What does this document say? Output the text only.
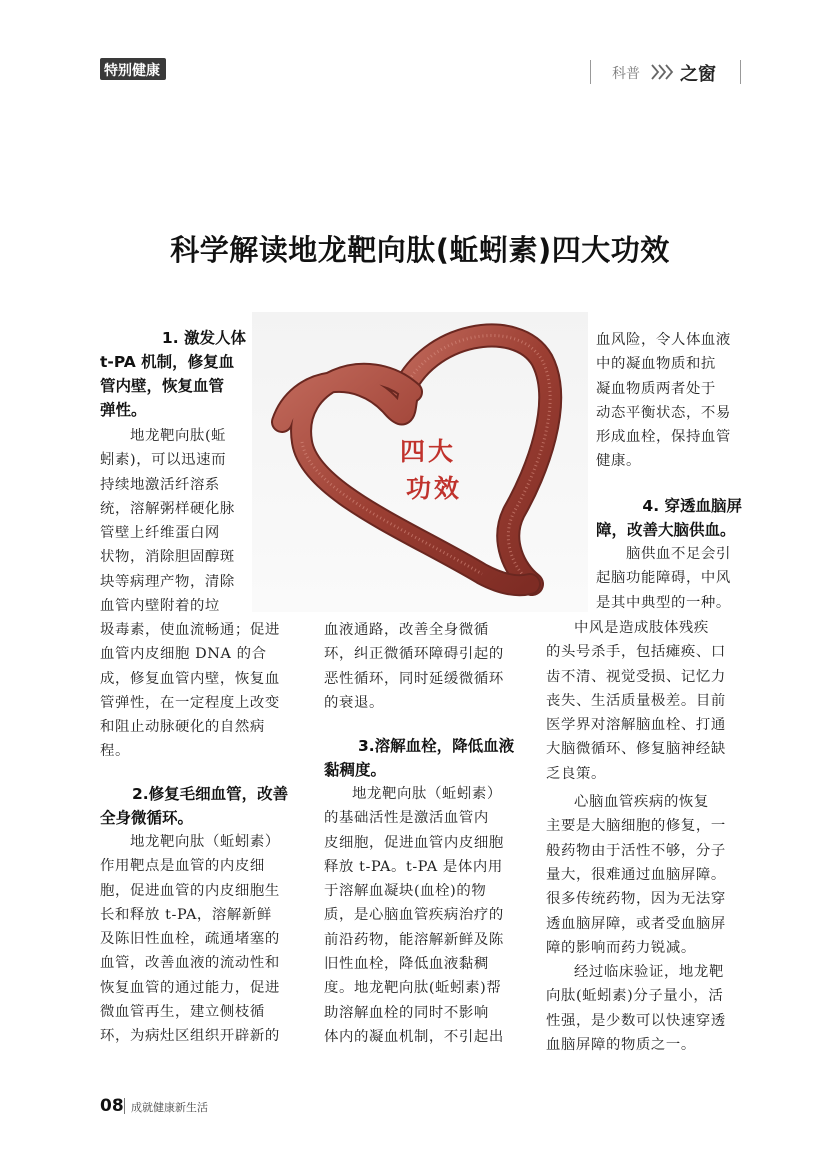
特别健康	科普 之窗
科学解读地龙靶向肽(蚯蚓素)四大功效
四大
功效
1. 激发人体
t-PA 机制，修复血
管内壁，恢复血管
弹性。
地龙靶向肽(蚯
蚓素)，可以迅速而
持续地激活纤溶系
统，溶解粥样硬化脉
管壁上纤维蛋白网
状物，消除胆固醇斑
块等病理产物，清除
血管内壁附着的垃
圾毒素，使血流畅通；促进
血管内皮细胞 DNA 的合
成，修复血管内壁，恢复血
管弹性，在一定程度上改变
和阻止动脉硬化的自然病
程。
2.修复毛细血管，改善
全身微循环。
地龙靶向肽（蚯蚓素）
作用靶点是血管的内皮细
胞，促进血管的内皮细胞生
长和释放 t-PA，溶解新鲜
及陈旧性血栓，疏通堵塞的
血管，改善血液的流动性和
恢复血管的通过能力，促进
微血管再生，建立侧枝循
环，为病灶区组织开辟新的
血液通路，改善全身微循
环，纠正微循环障碍引起的
恶性循环，同时延缓微循环
的衰退。
3.溶解血栓，降低血液
黏稠度。
地龙靶向肽（蚯蚓素）
的基础活性是激活血管内
皮细胞，促进血管内皮细胞
释放 t-PA。t-PA 是体内用
于溶解血凝块(血栓)的物
质，是心脑血管疾病治疗的
前沿药物，能溶解新鲜及陈
旧性血栓，降低血液黏稠
度。地龙靶向肽(蚯蚓素)帮
助溶解血栓的同时不影响
体内的凝血机制，不引起出
血风险，令人体血液
中的凝血物质和抗
凝血物质两者处于
动态平衡状态，不易
形成血栓，保持血管
健康。
4. 穿透血脑屏
障，改善大脑供血。
脑供血不足会引
起脑功能障碍，中风
是其中典型的一种。
中风是造成肢体残疾
的头号杀手，包括瘫痪、口
齿不清、视觉受损、记忆力
丧失、生活质量极差。目前
医学界对溶解脑血栓、打通
大脑微循环、修复脑神经缺
乏良策。
心脑血管疾病的恢复
主要是大脑细胞的修复，一
般药物由于活性不够，分子
量大，很难通过血脑屏障。
很多传统药物，因为无法穿
透血脑屏障，或者受血脑屏
障的影响而药力锐减。
经过临床验证，地龙靶
向肽(蚯蚓素)分子量小，活
性强，是少数可以快速穿透
血脑屏障的物质之一。
08 成就健康新生活
